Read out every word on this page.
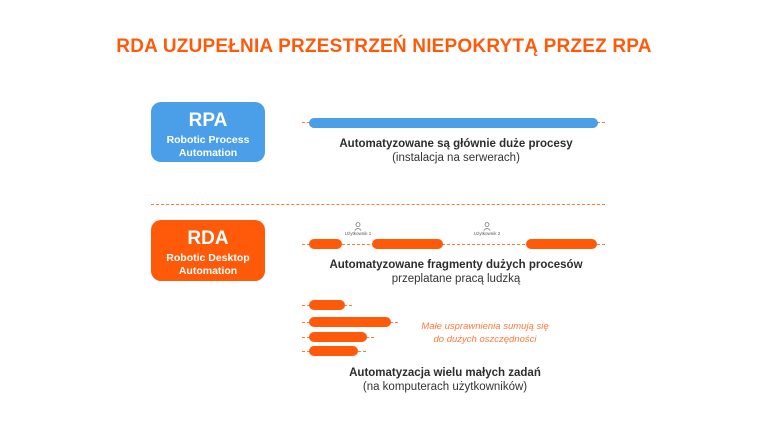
RDA UZUPEŁNIA PRZESTRZEŃ NIEPOKRYTĄ PRZEZ RPA
RPA
Robotic Process
Automation
Automatyzowane są głównie duże procesy
(instalacja na serwerach)
RDA
Robotic Desktop
Automation
Użytkownik 1	Użytkownik 2
Automatyzowane fragmenty dużych procesów
przeplatane pracą ludzką
Małe usprawnienia sumują się
do dużych oszczędności
Automatyzacja wielu małych zadań
(na komputerach użytkowników)
